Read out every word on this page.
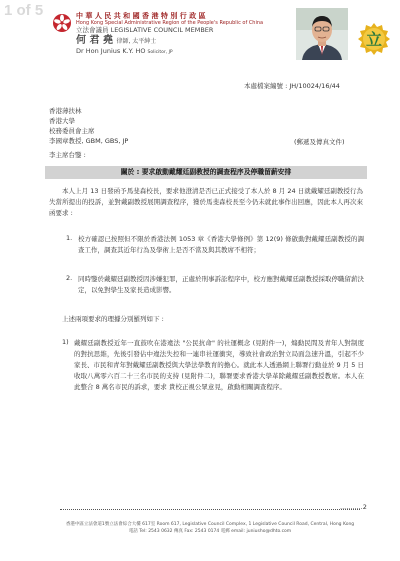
1 of 5	中 華 人 民 共 和 國 香 港 特 別 行 政 區
Hong Kong Special Administrative Region of the People's Republic of China
立法會議員 LEGISLATIVE COUNCIL MEMBER
何 君 堯 律師, 太平紳士
Dr Hon Junius K.Y. HO Solicitor, JP
立
本處檔案編號 : JH/10024/16/44
香港薄扶林
香港大學
校務委員會主席
李國章教授, GBM, GBS, JP	(郵遞及傳真文件)
李主席台鑒 :
關於 : 要求啟動戴耀廷副教授的調查程序及停職留薪安排
本人上月 13 日發函予馬斐森校長，要求他澄清是否已正式接受了本人於 8 月 24 日就戴耀廷副教授行為失當所提出的投訴，並對戴副教授展開調查程序，獲於馬斐森校長至今仍未就此事作出回應，因此本人再次來函要求 :
1. 校方確認已按照但不限於香港法例 1053 章《香港大學條例》第 12(9) 條啟動對戴耀廷副教授的調查工作，調查其近年行為及學術上是否不當及與其教席不相符；
2. 同時鑒於戴耀廷副教授因涉嫌犯罪，正處於刑事訴訟程序中，校方應對戴耀廷副教授採取停職留薪決定，以免對學生及家長造成影響。
上述兩項要求的理據分別羅列如下 :
1) 戴耀廷副教授近年一直鼓吹在港違法 "公民抗命" 的社運概念 (見附件一)，煽動民間及青年人對制度的對抗思維，先後引發佔中違法失控和一連串社運衝突，導致社會政治對立局面急速升溫，引起不少家長、市民和青年對戴耀廷副教授與大學法學教育的擔心。就此本人透過網上聯署行動並於 9 月 5 日收取八萬零六百二十三名市民的支持 (見附件二)，聯署要求香港大學革除戴耀廷副教授教席。本人在此整合 8 萬名市民的訴求，要求 貴校正視公眾意見，啟動相關調查程序。
...........2
香港中區立法會道1號立法會綜合大樓 617室 Room 617, Legislative Council Complex, 1 Legislative Council Road, Central, Hong Kong
電話 Tel: 2543 0632 傳真 Fax: 2543 0174 電郵 email: juniusho@dhto.com
